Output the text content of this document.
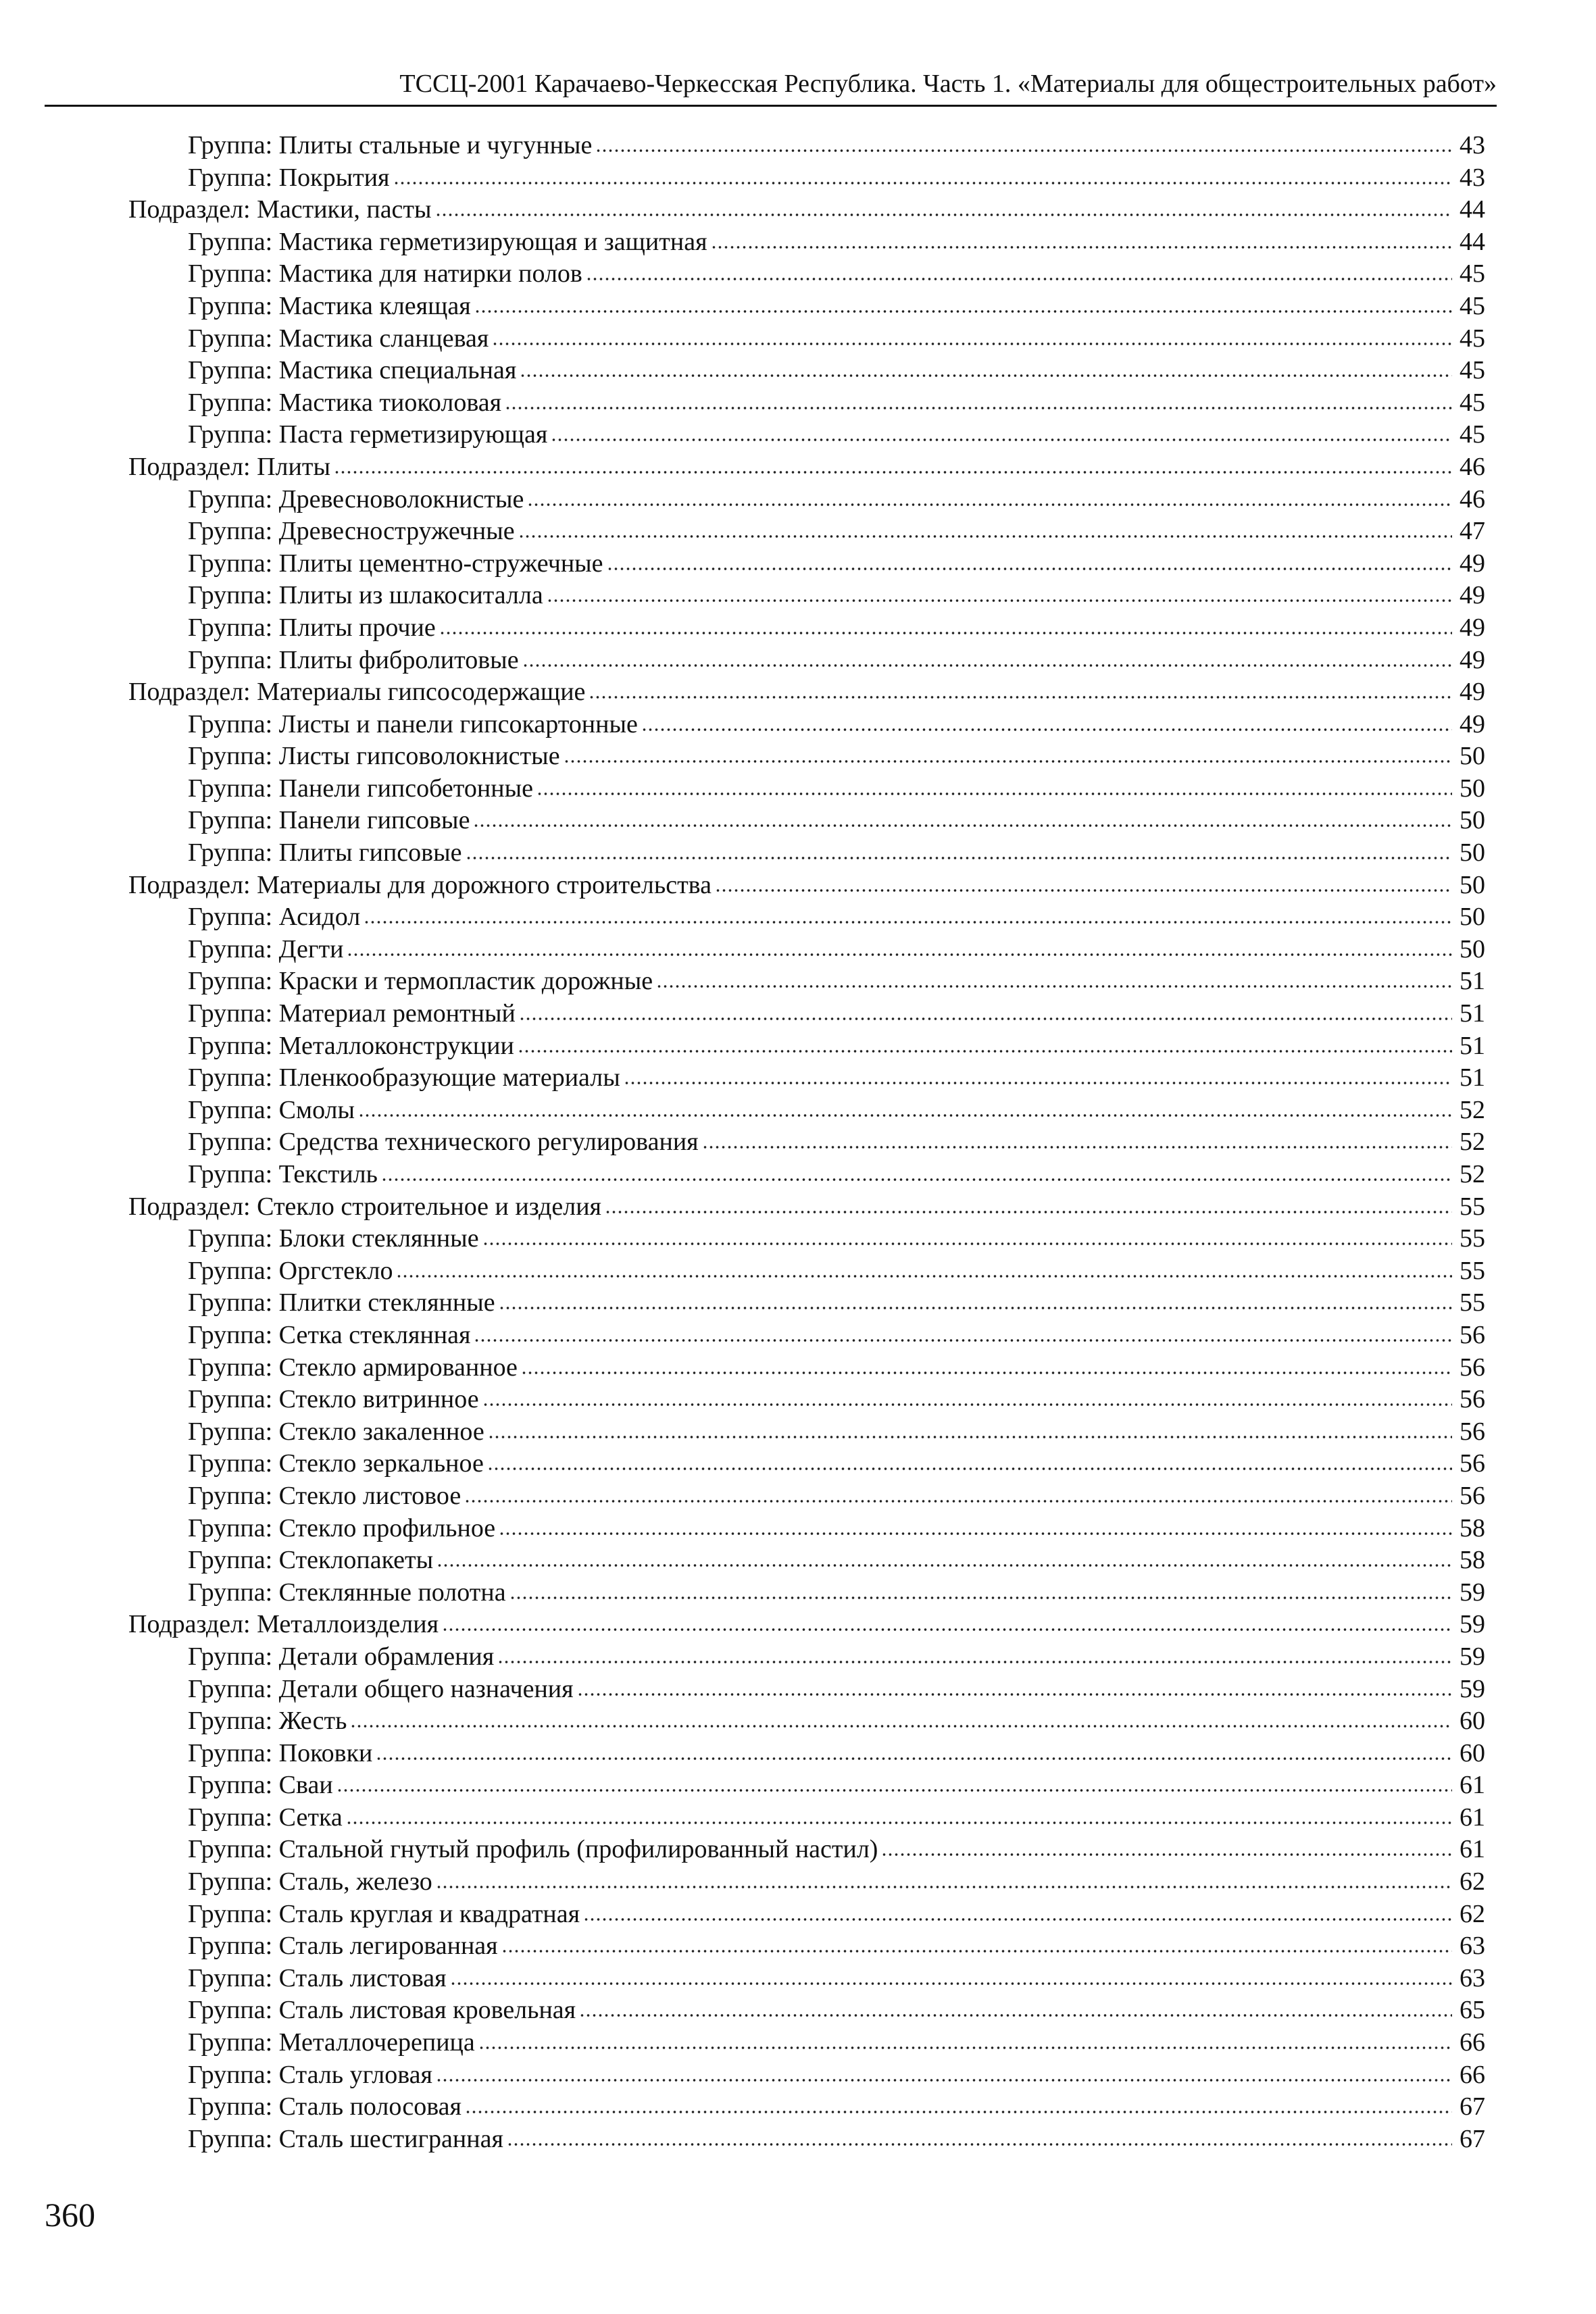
ТССЦ-2001 Карачаево-Черкесская Республика. Часть 1. «Материалы для общестроительных работ»
Группа: Плиты стальные и чугунные	43
Группа: Покрытия	43
Подраздел: Мастики, пасты	44
Группа: Мастика герметизирующая и защитная	44
Группа: Мастика для натирки полов	45
Группа: Мастика клеящая	45
Группа: Мастика сланцевая	45
Группа: Мастика специальная	45
Группа: Мастика тиоколовая	45
Группа: Паста герметизирующая	45
Подраздел: Плиты	46
Группа: Древесноволокнистые	46
Группа: Древесностружечные	47
Группа: Плиты цементно-стружечные	49
Группа: Плиты из шлакоситалла	49
Группа: Плиты прочие	49
Группа: Плиты фибролитовые	49
Подраздел: Материалы гипсосодержащие	49
Группа: Листы и панели гипсокартонные	49
Группа: Листы гипсоволокнистые	50
Группа: Панели гипсобетонные	50
Группа: Панели гипсовые	50
Группа: Плиты гипсовые	50
Подраздел: Материалы для дорожного строительства	50
Группа: Асидол	50
Группа: Дегти	50
Группа: Краски и термопластик дорожные	51
Группа: Материал ремонтный	51
Группа: Металлоконструкции	51
Группа: Пленкообразующие материалы	51
Группа: Смолы	52
Группа: Средства технического регулирования	52
Группа: Текстиль	52
Подраздел: Стекло строительное и изделия	55
Группа: Блоки стеклянные	55
Группа: Оргстекло	55
Группа: Плитки стеклянные	55
Группа: Сетка стеклянная	56
Группа: Стекло армированное	56
Группа: Стекло витринное	56
Группа: Стекло закаленное	56
Группа: Стекло зеркальное	56
Группа: Стекло листовое	56
Группа: Стекло профильное	58
Группа: Стеклопакеты	58
Группа: Стеклянные полотна	59
Подраздел: Металлоизделия	59
Группа: Детали обрамления	59
Группа: Детали общего назначения	59
Группа: Жесть	60
Группа: Поковки	60
Группа: Сваи	61
Группа: Сетка	61
Группа: Стальной гнутый профиль (профилированный настил)	61
Группа: Сталь, железо	62
Группа: Сталь круглая и квадратная	62
Группа: Сталь легированная	63
Группа: Сталь листовая	63
Группа: Сталь листовая кровельная	65
Группа: Металлочерепица	66
Группа: Сталь угловая	66
Группа: Сталь полосовая	67
Группа: Сталь шестигранная	67
360
